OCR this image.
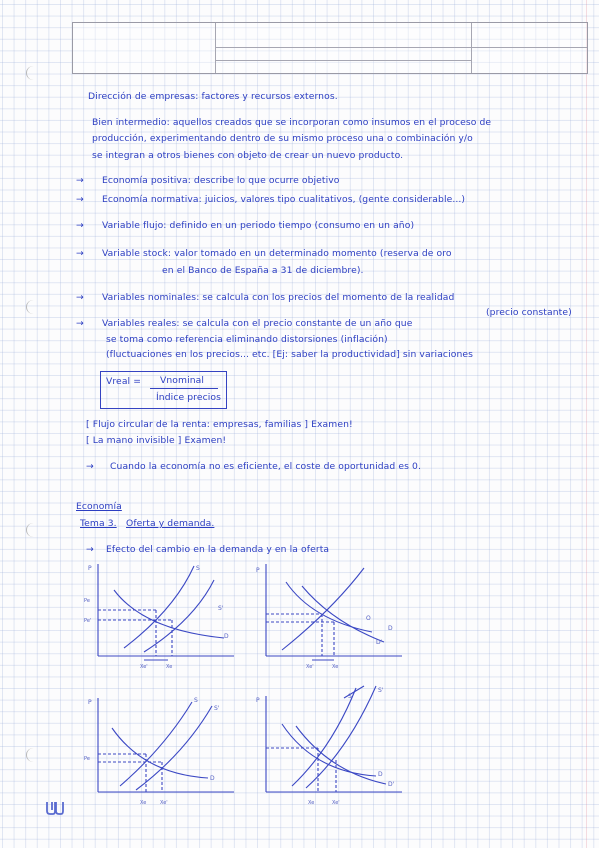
Dirección de empresas: factores y recursos externos.
Bien intermedio: aquellos creados que se incorporan como insumos en el proceso de
producción, experimentando dentro de su mismo proceso una o combinación y/o
se integran a otros bienes con objeto de crear un nuevo producto.
→ Economía positiva: describe lo que ocurre objetivo
→ Economía normativa: juicios, valores tipo cualitativos, (gente considerable...)
→ Variable flujo: definido en un periodo tiempo (consumo en un año)
→ Variable stock: valor tomado en un determinado momento (reserva de oro
en el Banco de España a 31 de diciembre).
→ Variables nominales: se calcula con los precios del momento de la realidad
(precio constante)
→ Variables reales: se calcula con el precio constante de un año que
se toma como referencia eliminando distorsiones (inflación)
(fluctuaciones en los precios... etc. [Ej: saber la productividad] sin variaciones
Vreal = Vnominal
Índice precios
[ Flujo circular de la renta: empresas, familias ] Examen!
[ La mano invisible ] Examen!
→ Cuando la economía no es eficiente, el coste de oportunidad es 0.
Economía
Tema 3. Oferta y demanda.
→ Efecto del cambio en la demanda y en la oferta
P	S
S'
D
Pe
Pe'
Xe'	Xe
P
D
D'
O
Xe'	Xe
P	S
S'
D
Pe
Xe	Xe'
P
S
S'
D
D'
Xe	Xe'
